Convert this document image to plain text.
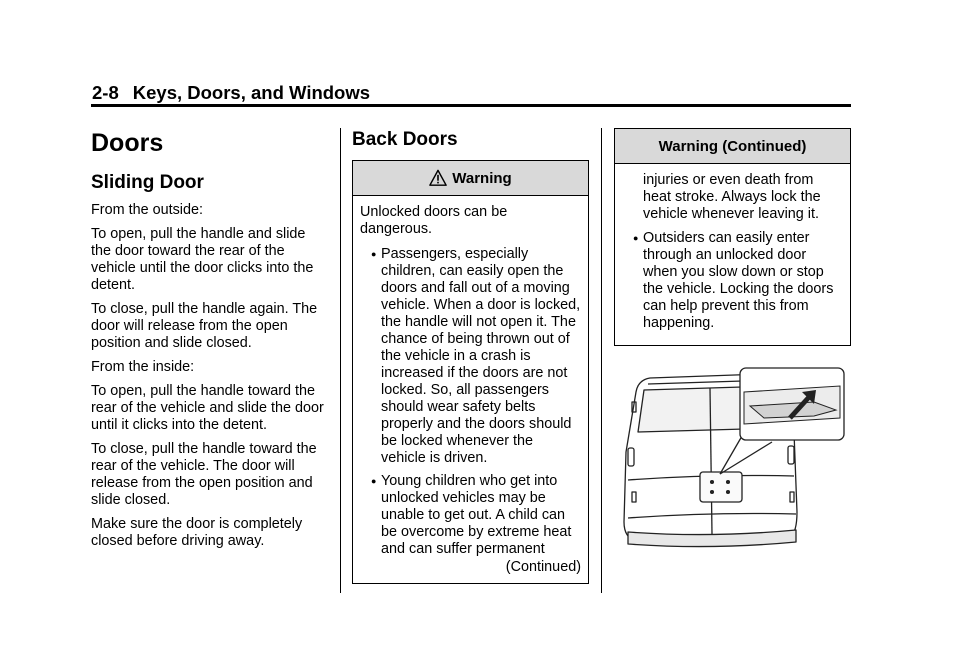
2-8 Keys, Doors, and Windows
Doors
Sliding Door

From the outside:

To open, pull the handle and slide the door toward the rear of the vehicle until the door clicks into the detent.

To close, pull the handle again. The door will release from the open position and slide closed.

From the inside:

To open, pull the handle toward the rear of the vehicle and slide the door until it clicks into the detent.

To close, pull the handle toward the rear of the vehicle. The door will release from the open position and slide closed.

Make sure the door is completely closed before driving away.

Back Doors
Warning

Unlocked doors can be dangerous.

● Passengers, especially children, can easily open the doors and fall out of a moving vehicle. When a door is locked, the handle will not open it. The chance of being thrown out of the vehicle in a crash is increased if the doors are not locked. So, all passengers should wear safety belts properly and the doors should be locked whenever the vehicle is driven.
● Young children who get into unlocked vehicles may be unable to get out. A child can be overcome by extreme heat and can suffer permanent
(Continued)
Warning (Continued)
injuries or even death from heat stroke. Always lock the vehicle whenever leaving it.
● Outsiders can easily enter through an unlocked door when you slow down or stop the vehicle. Locking the doors can help prevent this from happening.
